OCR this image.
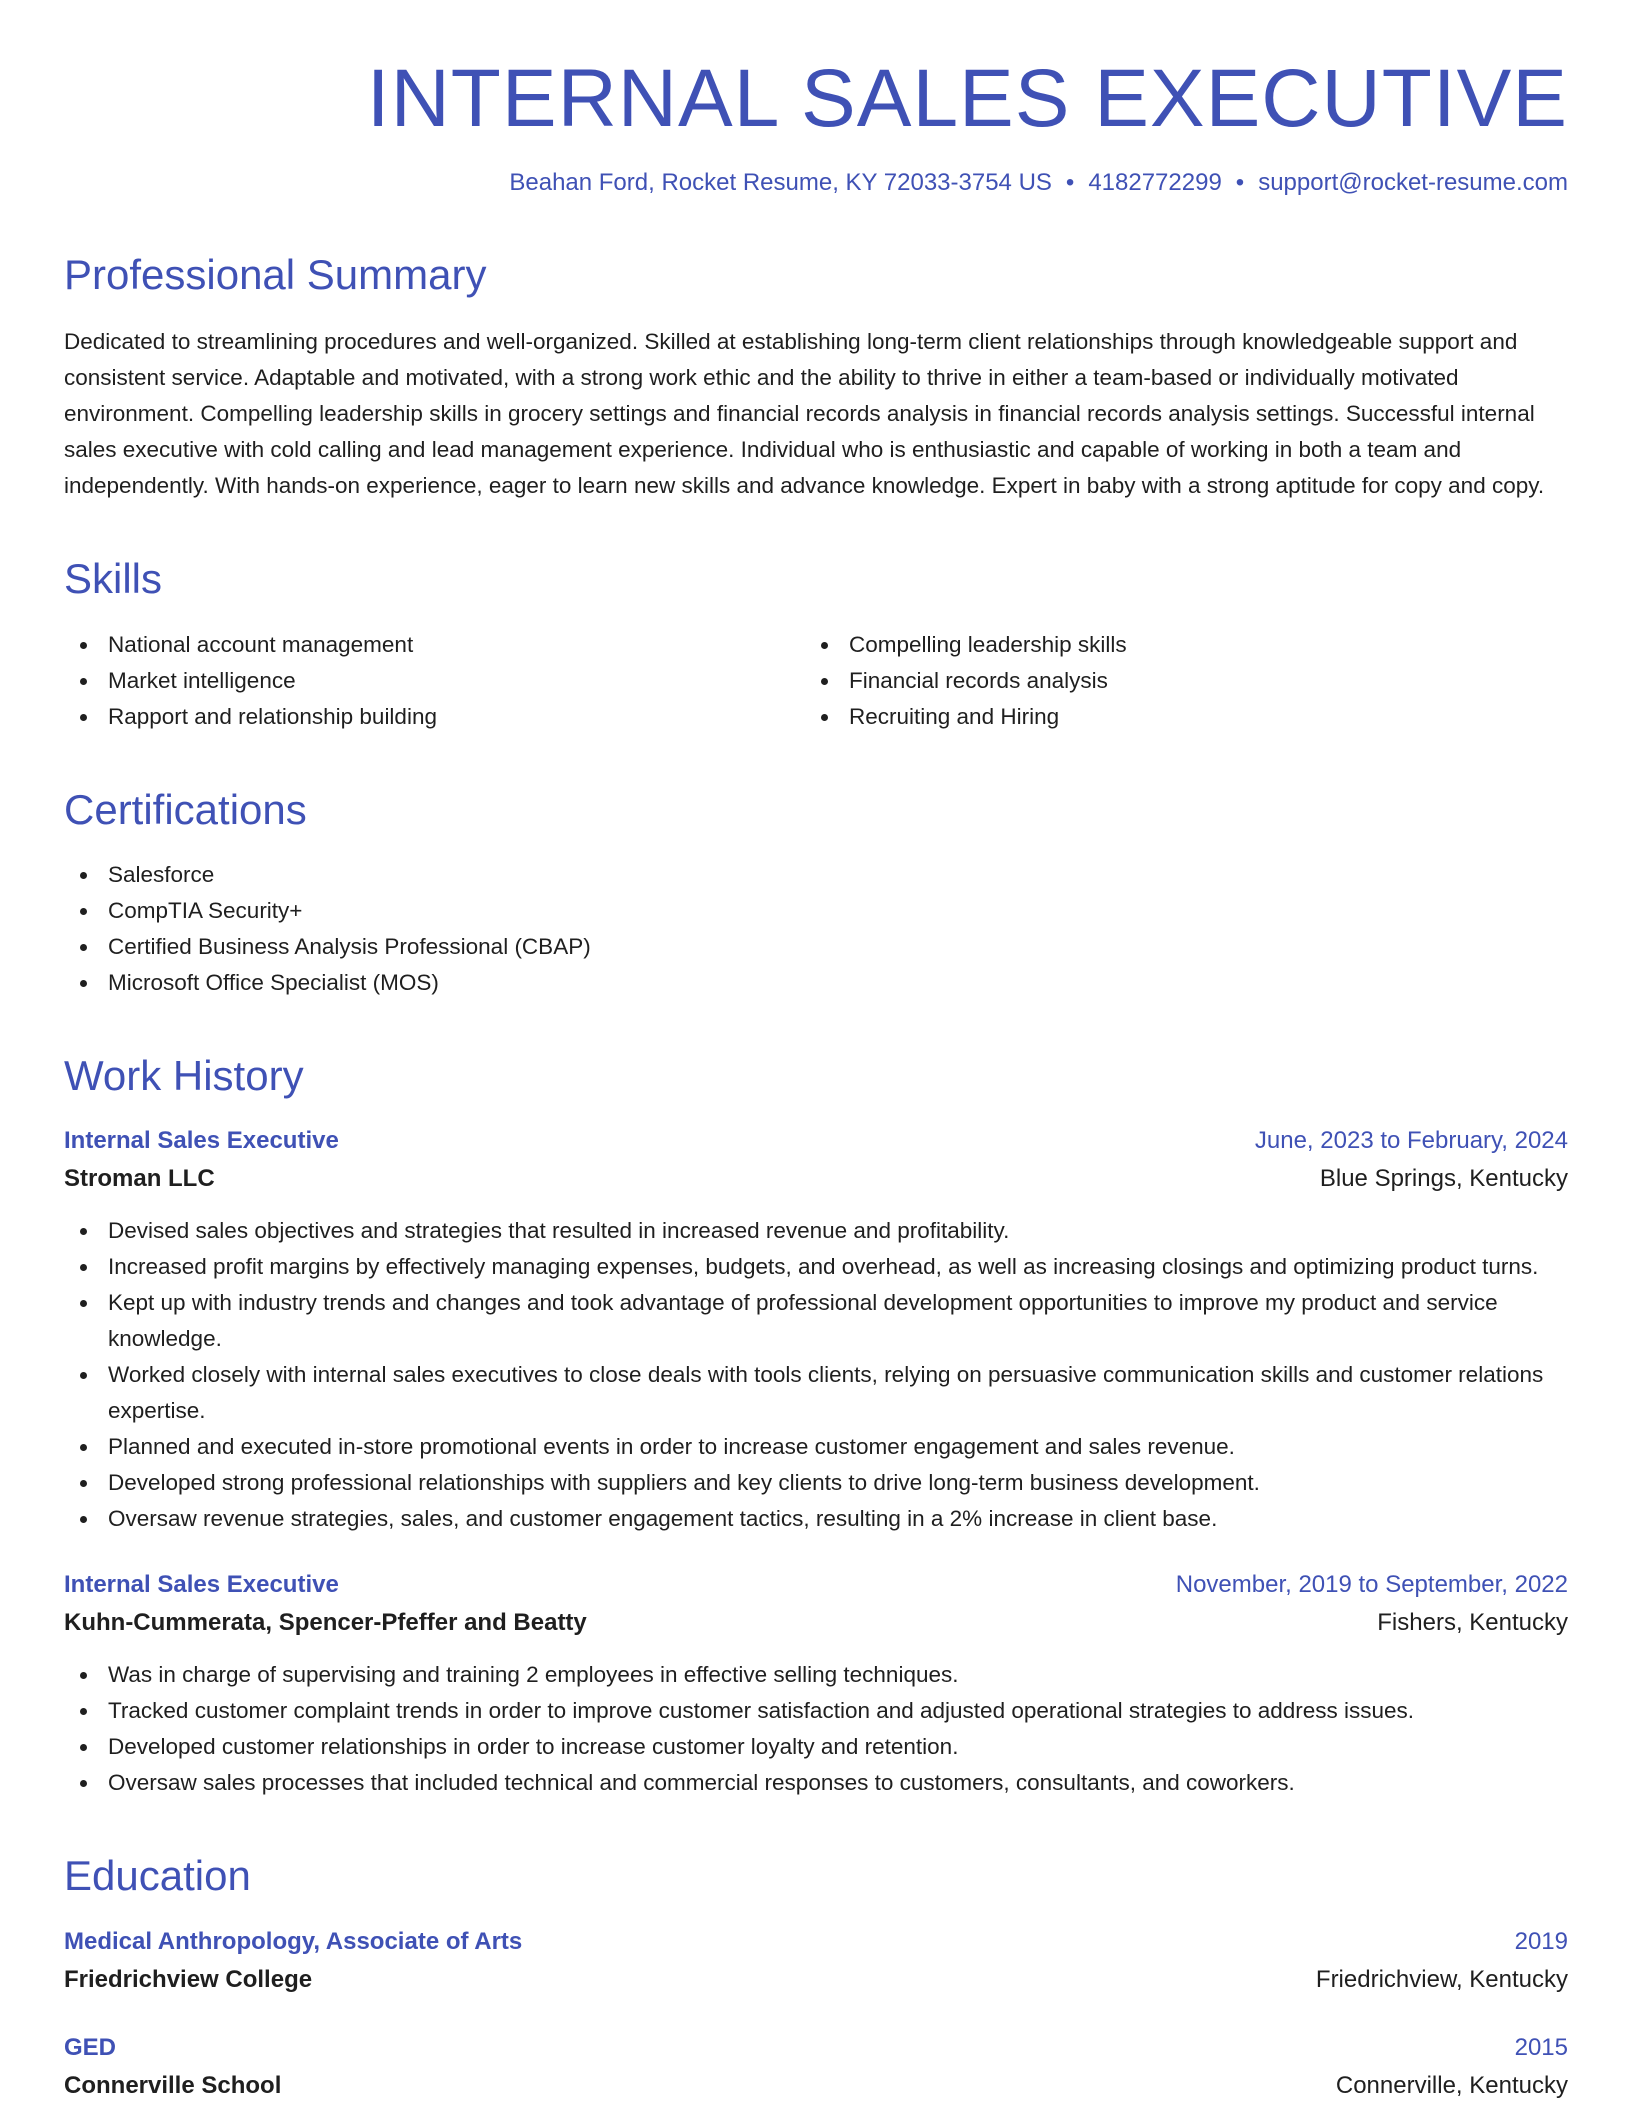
INTERNAL SALES EXECUTIVE
Beahan Ford, Rocket Resume, KY 72033-3754 US • 4182772299 • support@rocket-resume.com
Professional Summary

Dedicated to streamlining procedures and well-organized. Skilled at establishing long-term client relationships through knowledgeable support and consistent service. Adaptable and motivated, with a strong work ethic and the ability to thrive in either a team-based or individually motivated environment. Compelling leadership skills in grocery settings and financial records analysis in financial records analysis settings. Successful internal sales executive with cold calling and lead management experience. Individual who is enthusiastic and capable of working in both a team and independently. With hands-on experience, eager to learn new skills and advance knowledge. Expert in baby with a strong aptitude for copy and copy.

Skills
National account management
Market intelligence
Rapport and relationship building
Compelling leadership skills
Financial records analysis
Recruiting and Hiring
Certifications
Salesforce
CompTIA Security+
Certified Business Analysis Professional (CBAP)
Microsoft Office Specialist (MOS)
Work History
Internal Sales Executive	June, 2023 to February, 2024
Stroman LLC	Blue Springs, Kentucky
Devised sales objectives and strategies that resulted in increased revenue and profitability.
Increased profit margins by effectively managing expenses, budgets, and overhead, as well as increasing closings and optimizing product turns.
Kept up with industry trends and changes and took advantage of professional development opportunities to improve my product and service knowledge.
Worked closely with internal sales executives to close deals with tools clients, relying on persuasive communication skills and customer relations expertise.
Planned and executed in-store promotional events in order to increase customer engagement and sales revenue.
Developed strong professional relationships with suppliers and key clients to drive long-term business development.
Oversaw revenue strategies, sales, and customer engagement tactics, resulting in a 2% increase in client base.
Internal Sales Executive	November, 2019 to September, 2022
Kuhn-Cummerata, Spencer-Pfeffer and Beatty	Fishers, Kentucky
Was in charge of supervising and training 2 employees in effective selling techniques.
Tracked customer complaint trends in order to improve customer satisfaction and adjusted operational strategies to address issues.
Developed customer relationships in order to increase customer loyalty and retention.
Oversaw sales processes that included technical and commercial responses to customers, consultants, and coworkers.
Education
Medical Anthropology, Associate of Arts	2019
Friedrichview College	Friedrichview, Kentucky
GED	2015
Connerville School	Connerville, Kentucky
